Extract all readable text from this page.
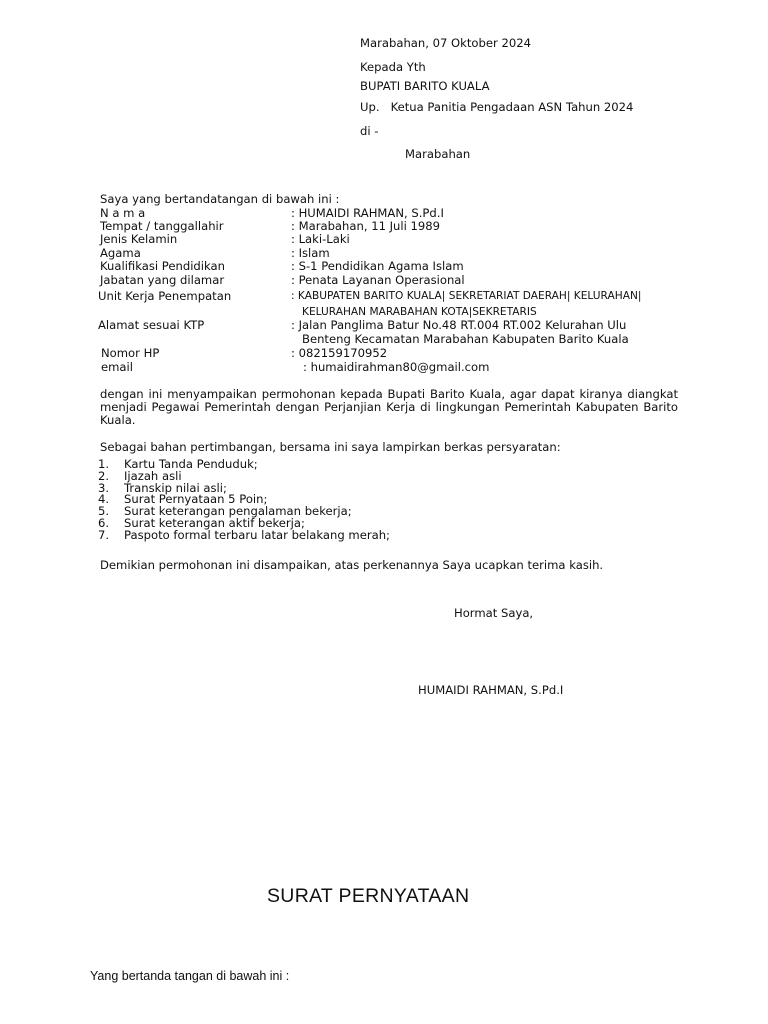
Marabahan, 07 Oktober 2024
Kepada Yth
BUPATI BARITO KUALA
Up.   Ketua Panitia Pengadaan ASN Tahun 2024
di -
Marabahan
Saya yang bertandatangan di bawah ini :
N a m a	: HUMAIDI RAHMAN, S.Pd.I
Tempat / tanggallahir	: Marabahan, 11 Juli 1989
Jenis Kelamin	: Laki-Laki
Agama	: Islam
Kualifikasi Pendidikan	: S-1 Pendidikan Agama Islam
Jabatan yang dilamar	: Penata Layanan Operasional
Unit Kerja Penempatan	: KABUPATEN BARITO KUALA| SEKRETARIAT DAERAH| KELURAHAN|
KELURAHAN MARABAHAN KOTA|SEKRETARIS
Alamat sesuai KTP	: Jalan Panglima Batur No.48 RT.004 RT.002 Kelurahan Ulu
Benteng Kecamatan Marabahan Kabupaten Barito Kuala
Nomor HP	: 082159170952
email	: humaidirahman80@gmail.com
dengan ini menyampaikan permohonan kepada Bupati Barito Kuala, agar dapat kiranya diangkat menjadi Pegawai Pemerintah dengan Perjanjian Kerja di lingkungan Pemerintah Kabupaten Barito Kuala.
Sebagai bahan pertimbangan, bersama ini saya lampirkan berkas persyaratan:
1. Kartu Tanda Penduduk;
2. Ijazah asli
3. Transkip nilai asli;
4. Surat Pernyataan 5 Poin;
5. Surat keterangan pengalaman bekerja;
6. Surat keterangan aktif bekerja;
7. Paspoto formal terbaru latar belakang merah;
Demikian permohonan ini disampaikan, atas perkenannya Saya ucapkan terima kasih.
Hormat Saya,
HUMAIDI RAHMAN, S.Pd.I
SURAT PERNYATAAN
Yang bertanda tangan di bawah ini :
